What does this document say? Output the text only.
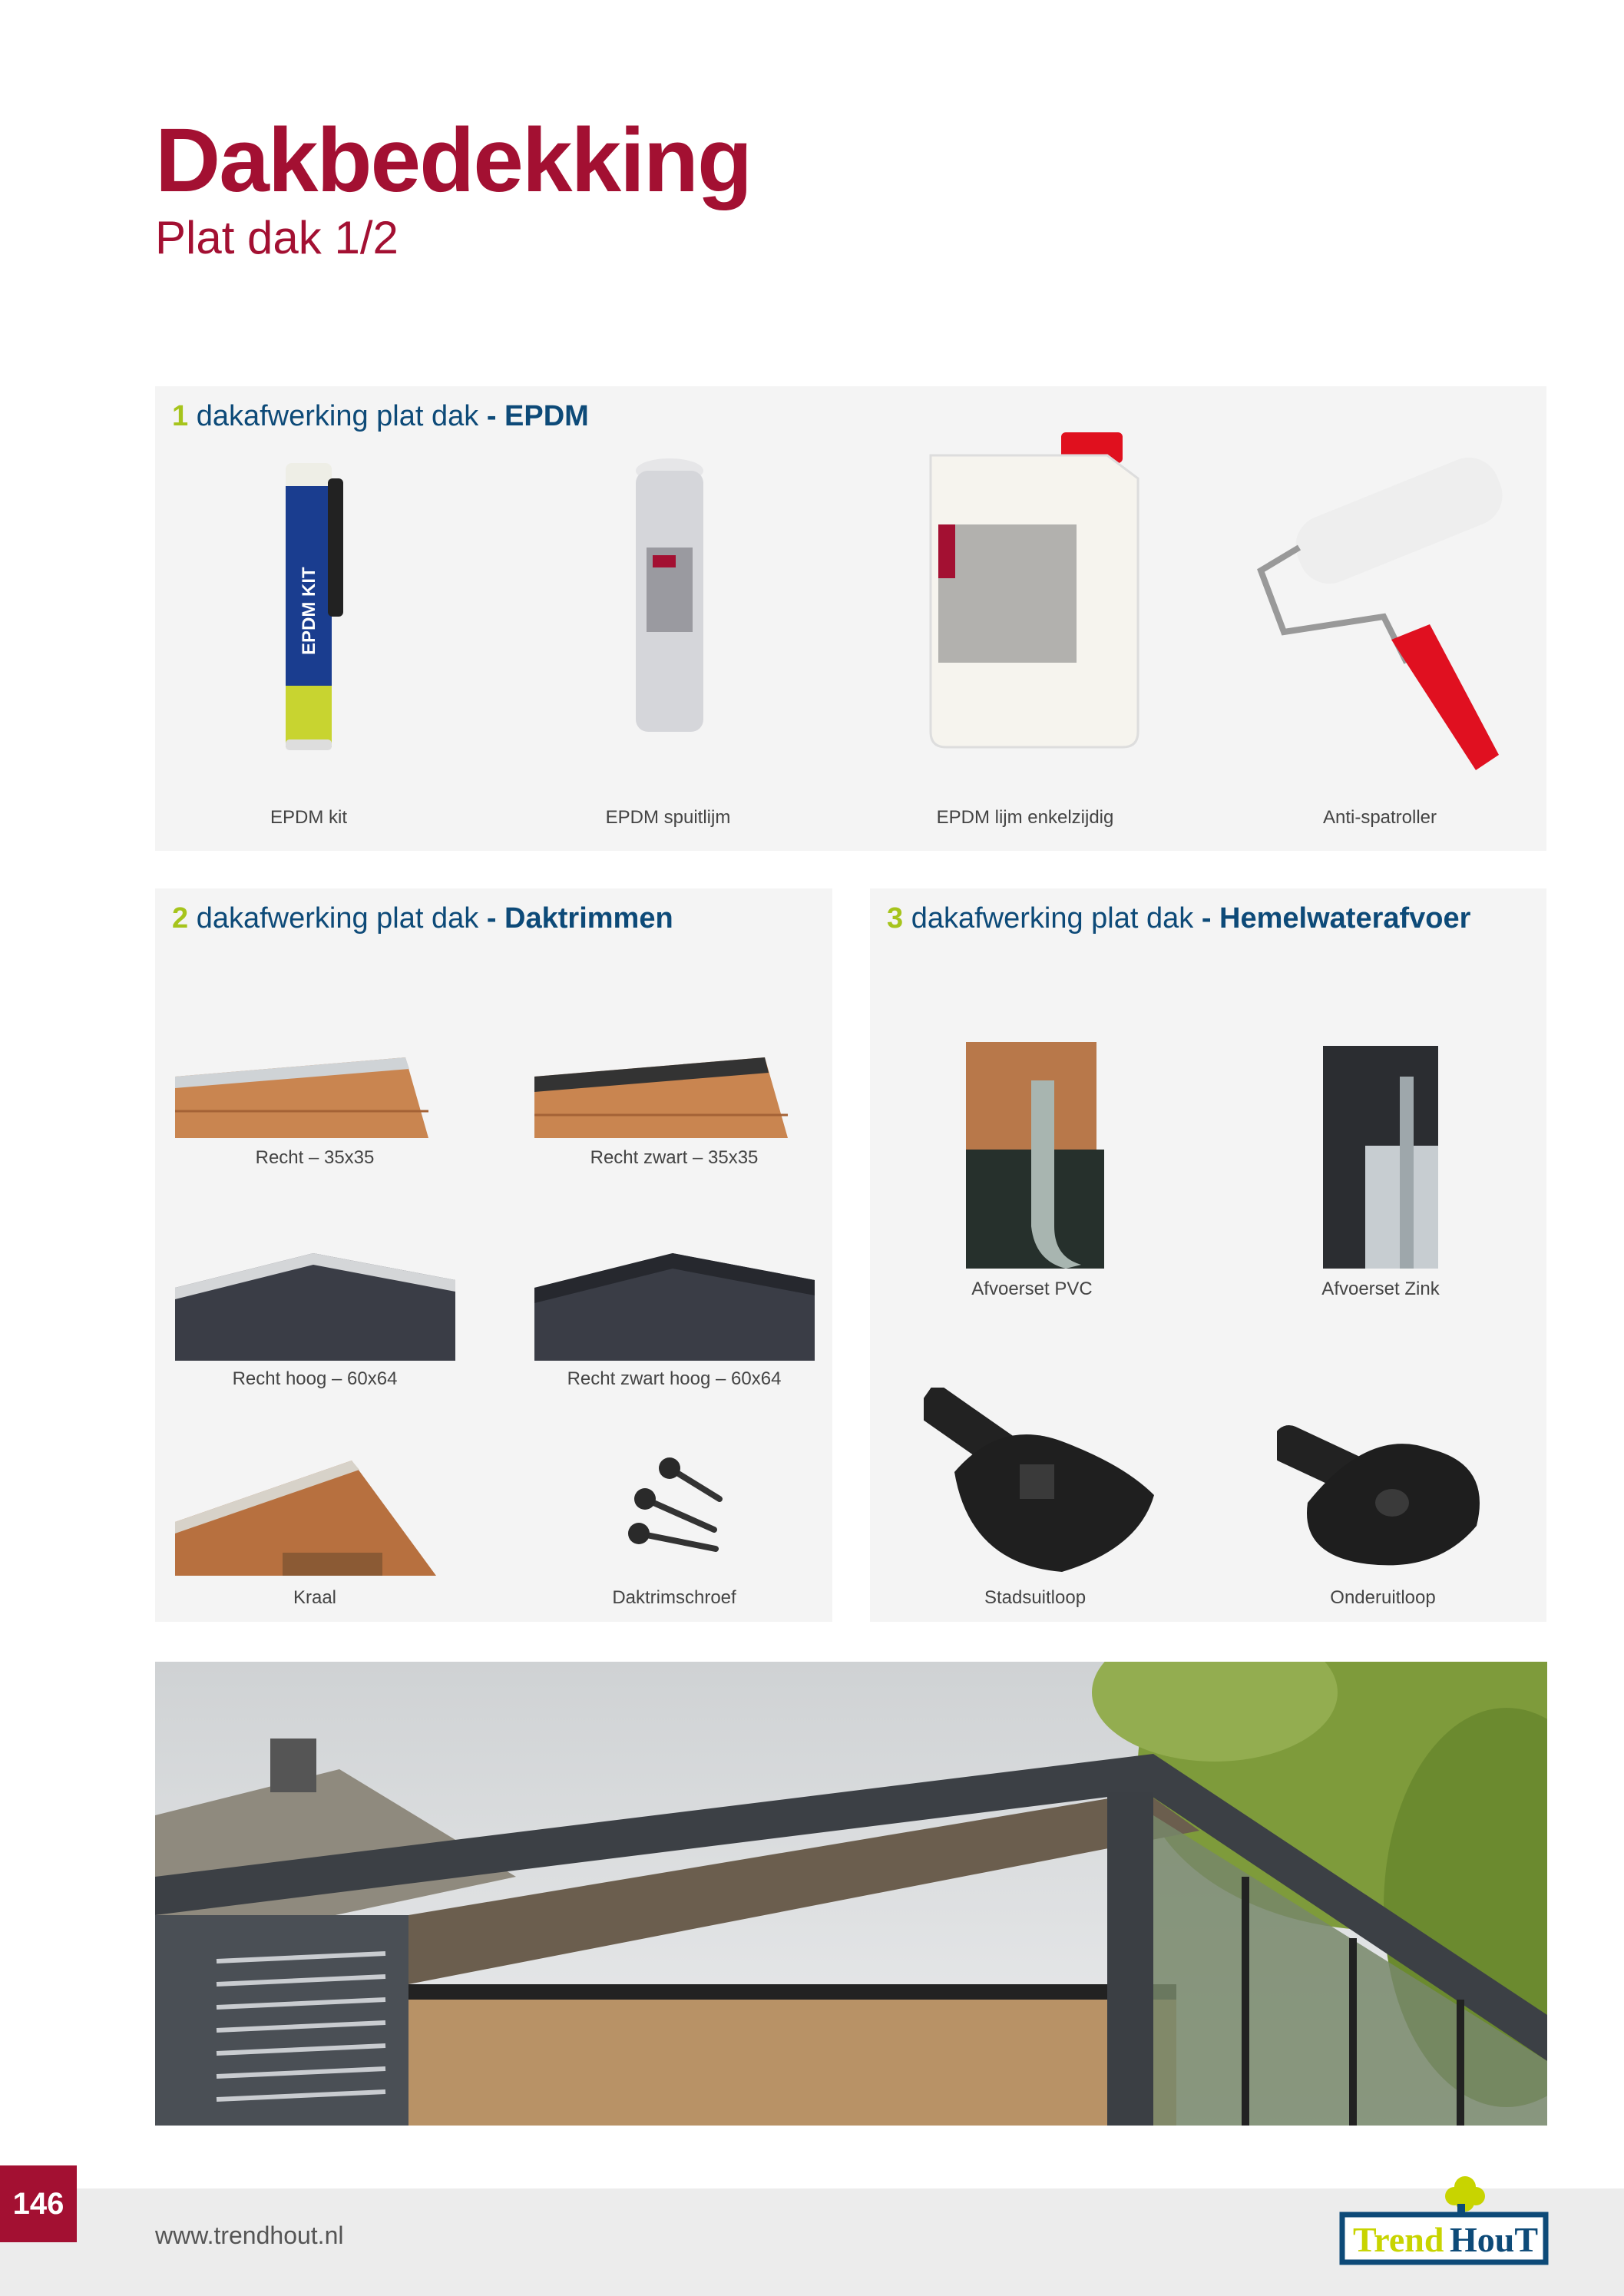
Dakbedekking
Plat dak 1/2
1 dakafwerking plat dak - EPDM
EPDM KIT
EPDM kit	EPDM spuitlijm	EPDM lijm enkelzijdig	Anti-spatroller
2 dakafwerking plat dak - Daktrimmen
Recht – 35x35	Recht zwart – 35x35
Recht hoog – 60x64	Recht zwart hoog – 60x64
Kraal	Daktrimschroef
3 dakafwerking plat dak - Hemelwaterafvoer
Afvoerset PVC	Afvoerset Zink
Stadsuitloop	Onderuitloop
146
www.trendhout.nl	Trend HouT
